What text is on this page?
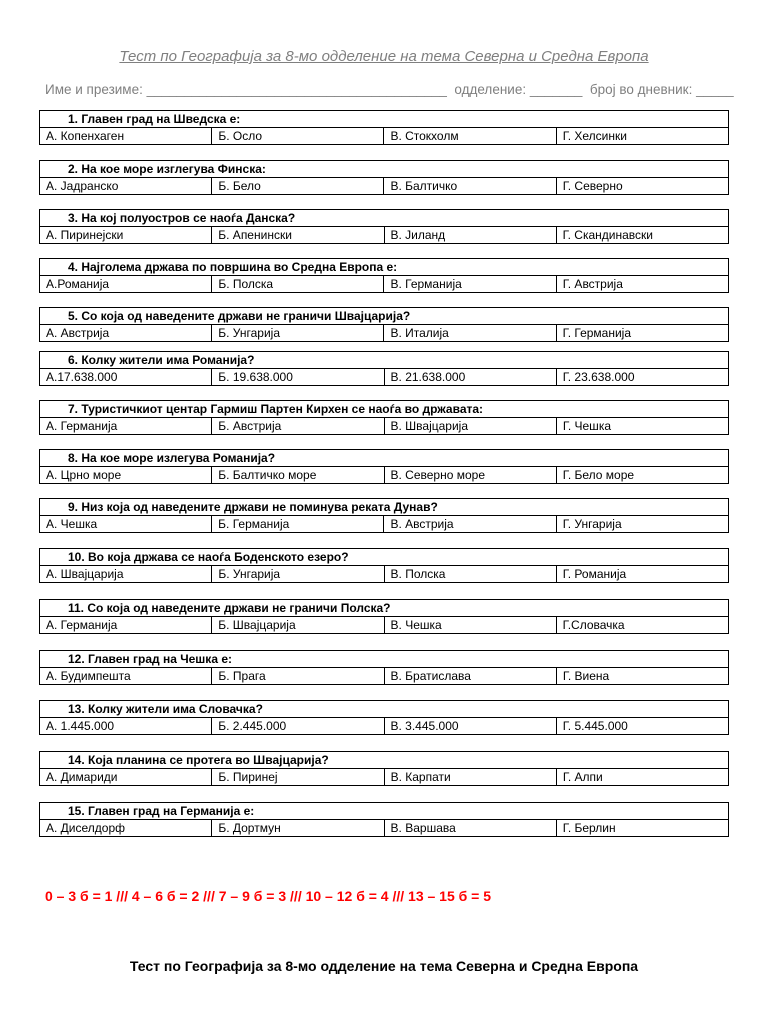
Тест по Географија за 8-мо одделение на тема Северна и Средна Европа
Име и презиме: ________________________________________  одделение: _______  број во дневник: _____
1. Главен град на Шведска е:
А. Копенхаген	Б. Осло	В. Стокхолм	Г. Хелсинки
2. На кое море изглегува Финска:
А. Јадранско	Б. Бело	В. Балтичко	Г. Северно
3. На кој полуостров се наоѓа Данска?
А. Пиринејски	Б. Апенински	В. Јиланд	Г. Скандинавски
4. Најголема држава по површина во Средна Европа е:
А.Романија	Б. Полска	В. Германија	Г. Австрија
5. Со која од наведените држави не граничи Швајцарија?
А. Австрија	Б. Унгарија	В. Италија	Г. Германија
6. Колку жители има Романија?
А.17.638.000	Б. 19.638.000	В. 21.638.000	Г. 23.638.000
7. Туристичкиот центар Гармиш Партен Кирхен се наоѓа во државата:
А. Германија	Б. Австрија	В. Швајцарија	Г. Чешка
8. На кое море излегува Романија?
А. Црно море	Б. Балтичко море	В. Северно море	Г. Бело море
9. Низ која од наведените држави не поминува реката Дунав?
А. Чешка	Б. Германија	В. Австрија	Г. Унгарија
10. Во која држава се наоѓа Боденското езеро?
А. Швајцарија	Б. Унгарија	В. Полска	Г. Романија
11. Со која од наведените држави не граничи Полска?
А. Германија	Б. Швајцарија	В. Чешка	Г.Словачка
12. Главен град на Чешка е:
А. Будимпешта	Б. Прага	В. Братислава	Г. Виена
13. Колку жители има Словачка?
А. 1.445.000	Б. 2.445.000	В. 3.445.000	Г. 5.445.000
14. Која планина се протега во Швајцарија?
А. Димариди	Б. Пиринеј	В. Карпати	Г. Алпи
15. Главен град на Германија е:
А. Диселдорф	Б. Дортмун	В. Варшава	Г. Берлин
0 – 3 б = 1 /// 4 – 6 б = 2 /// 7 – 9 б = 3 /// 10 – 12 б = 4 /// 13 – 15 б = 5
Тест по Географија за 8-мо одделение на тема Северна и Средна Европа
